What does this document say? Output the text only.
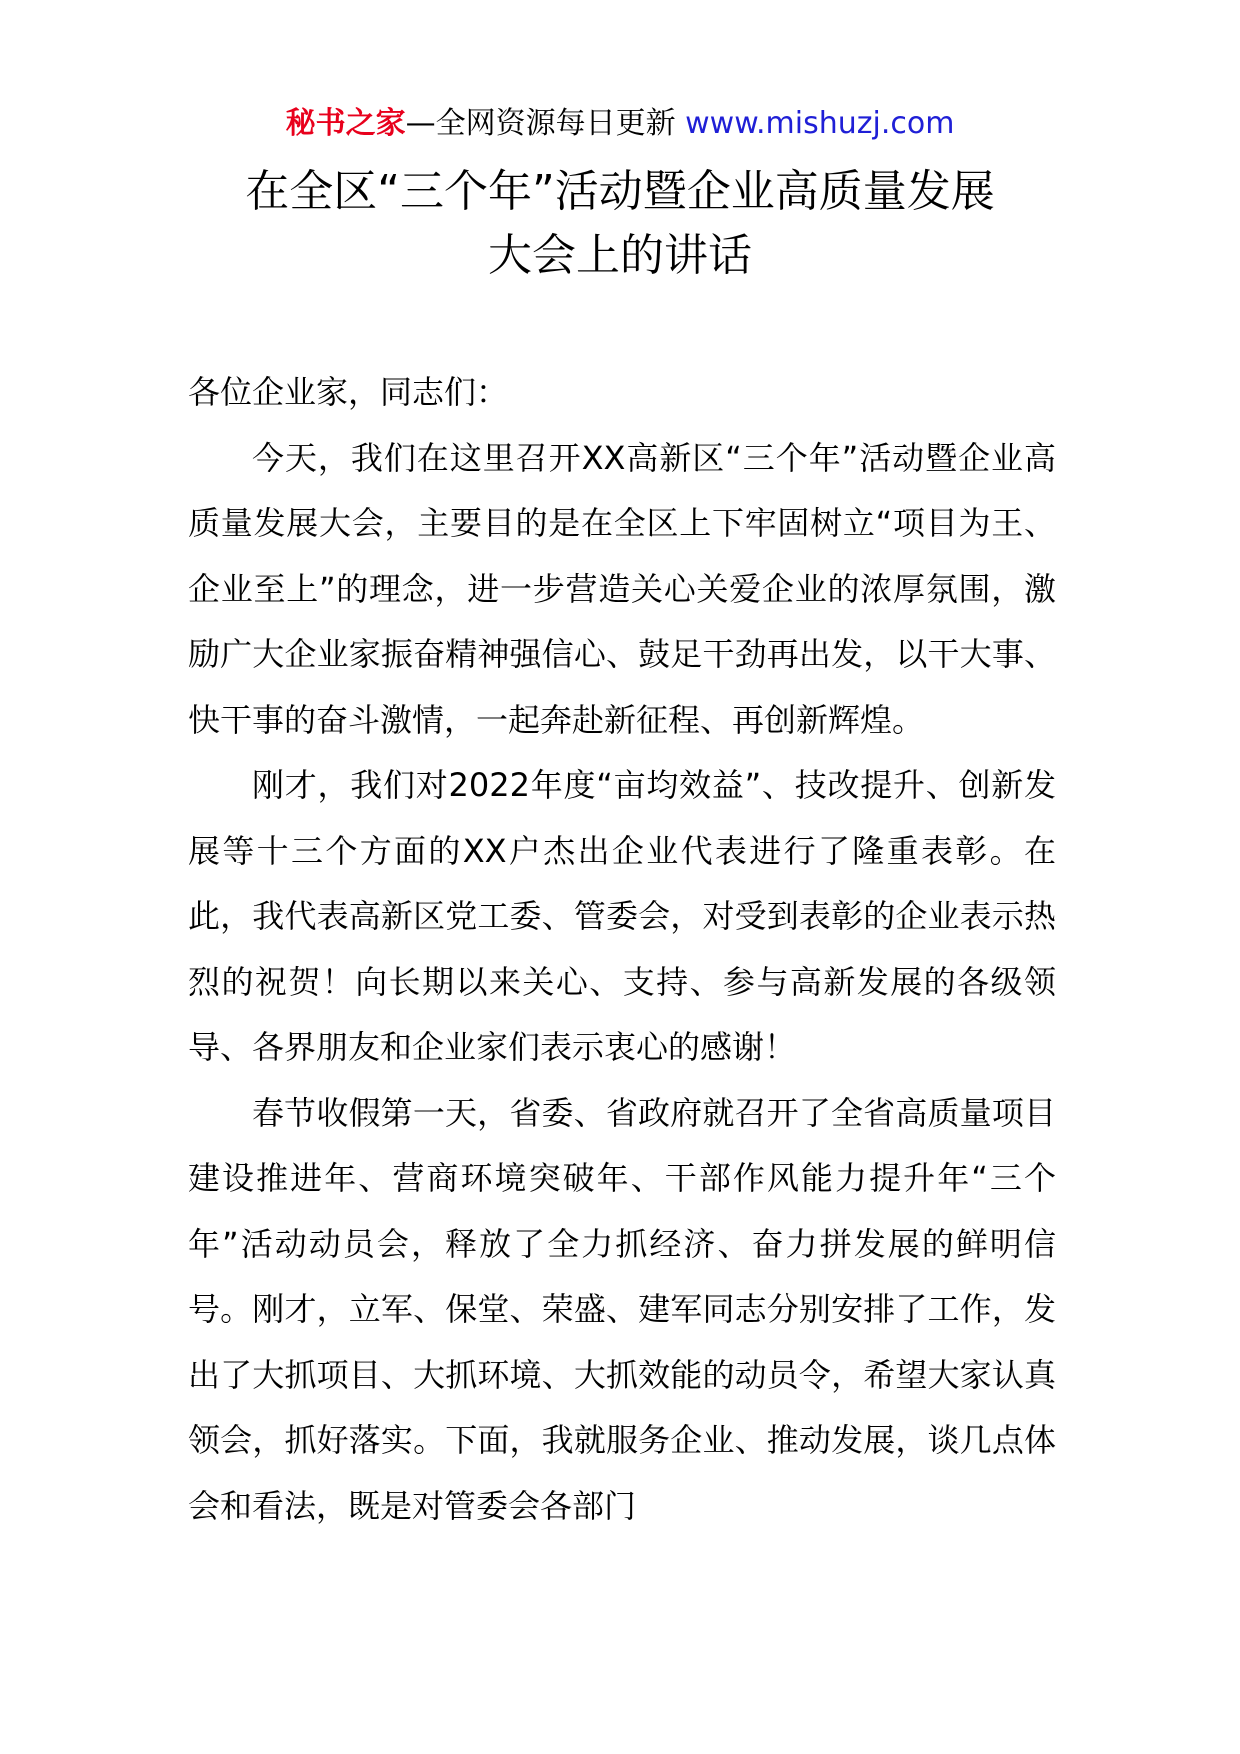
秘书之家—全网资源每日更新 www.mishuzj.com
在全区“三个年”活动暨企业高质量发展
大会上的讲话

各位企业家，同志们：

今天，我们在这里召开XX高新区“三个年”活动暨企业高质量发展大会，主要目的是在全区上下牢固树立“项目为王、企业至上”的理念，进一步营造关心关爱企业的浓厚氛围，激励广大企业家振奋精神强信心、鼓足干劲再出发，以干大事、快干事的奋斗激情，一起奔赴新征程、再创新辉煌。

刚才，我们对2022年度“亩均效益”、技改提升、创新发展等十三个方面的XX户杰出企业代表进行了隆重表彰。在此，我代表高新区党工委、管委会，对受到表彰的企业表示热烈的祝贺！向长期以来关心、支持、参与高新发展的各级领导、各界朋友和企业家们表示衷心的感谢！

春节收假第一天，省委、省政府就召开了全省高质量项目建设推进年、营商环境突破年、干部作风能力提升年“三个年”活动动员会，释放了全力抓经济、奋力拼发展的鲜明信号。刚才，立军、保堂、荣盛、建军同志分别安排了工作，发出了大抓项目、大抓环境、大抓效能的动员令，希望大家认真领会，抓好落实。下面，我就服务企业、推动发展，谈几点体会和看法，既是对管委会各部门
